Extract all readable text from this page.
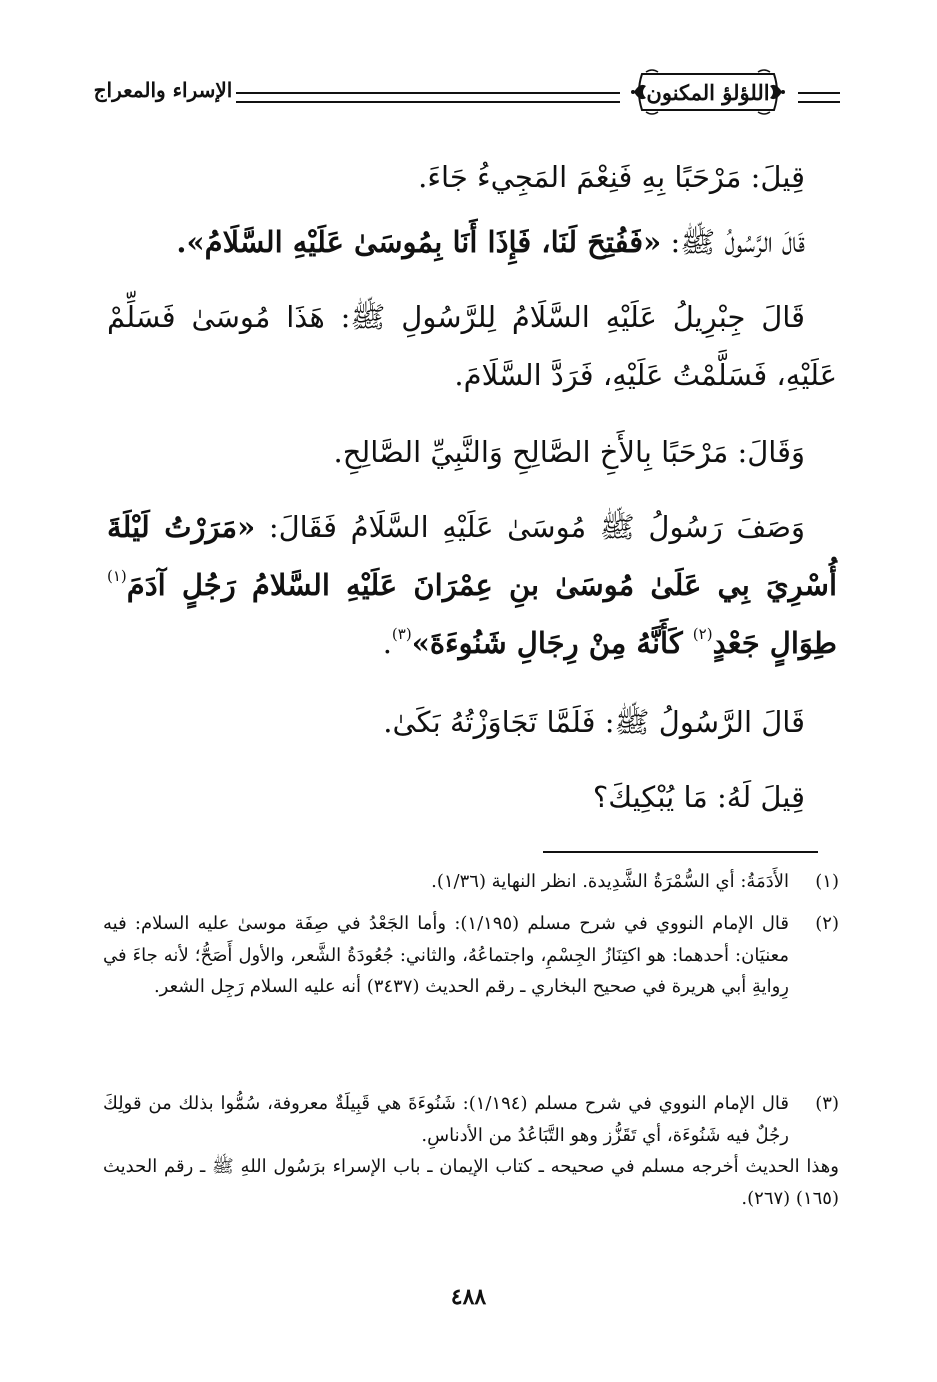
اللؤلؤ المكنون
الإسراء والمعراج

قِيلَ: مَرْحَبًا بِهِ فَنِعْمَ المَجِيءُ جَاءَ.

قَالَ الرَّسُولُ ﷺ: «فَفُتِحَ لَنَا، فَإِذَا أَنَا بِمُوسَىٰ عَلَيْهِ السَّلَامُ».

قَالَ جِبْرِيلُ عَلَيْهِ السَّلَامُ لِلرَّسُولِ ﷺ: هَذَا مُوسَىٰ فَسَلِّمْ عَلَيْهِ، فَسَلَّمْتُ عَلَيْهِ، فَرَدَّ السَّلَامَ.

وَقَالَ: مَرْحَبًا بِالأَخِ الصَّالِحِ وَالنَّبِيِّ الصَّالِحِ.

وَصَفَ رَسُولُ ﷺ مُوسَىٰ عَلَيْهِ السَّلَامُ فَقَالَ: «مَرَرْتُ لَيْلَةَ أُسْرِيَ بِي عَلَىٰ مُوسَىٰ بنِ عِمْرَانَ عَلَيْهِ السَّلامُ رَجُلٍ آدَمَ$^{(١)}$ طِوَالٍ جَعْدٍ$^{(٢)}$ كَأَنَّهُ مِنْ رِجَالِ شَنُوءَةَ»$^{(٣)}$.

قَالَ الرَّسُولُ ﷺ: فَلَمَّا تَجَاوَزْتُهُ بَكَىٰ.

قِيلَ لَهُ: مَا يُبْكِيكَ؟

(١)
الأَدَمَةُ: أي السُّمْرَةُ الشَّدِيدة. انظر النهاية (١/٣٦).

(٢)
قال الإمام النووي في شرح مسلم (١/١٩٥): وأما الجَعْدُ في صِفَة موسىٰ عليه السلام: فيه معنيَان: أحدهما: هو اكتِنَازُ الجِسْمِ، واجتماعُهُ، والثاني: جُعُودَةُ الشَّعر، والأول أَصَحُّ؛ لأنه جاءَ في رِوايةِ أبي هريرة في صحيح البخاري ـ رقم الحديث (٣٤٣٧) أنه عليه السلام رَجِل الشعر.

(٣)
قال الإمام النووي في شرح مسلم (١/١٩٤): شَنُوءَةَ هي قَبِيلَةٌ معروفة، سُمُّوا بذلك من قولِكَ رجُلٌ فيه شَنُوءَة، أي تَقَزُّز وهو التَّبَاعُدُ من الأدناسِ.
وهذا الحديث أخرجه مسلم في صحيحه ـ كتاب الإيمان ـ باب الإسراء برَسُول اللهِ ﷺ ـ رقم الحديث (١٦٥) (٢٦٧).

٤٨٨
